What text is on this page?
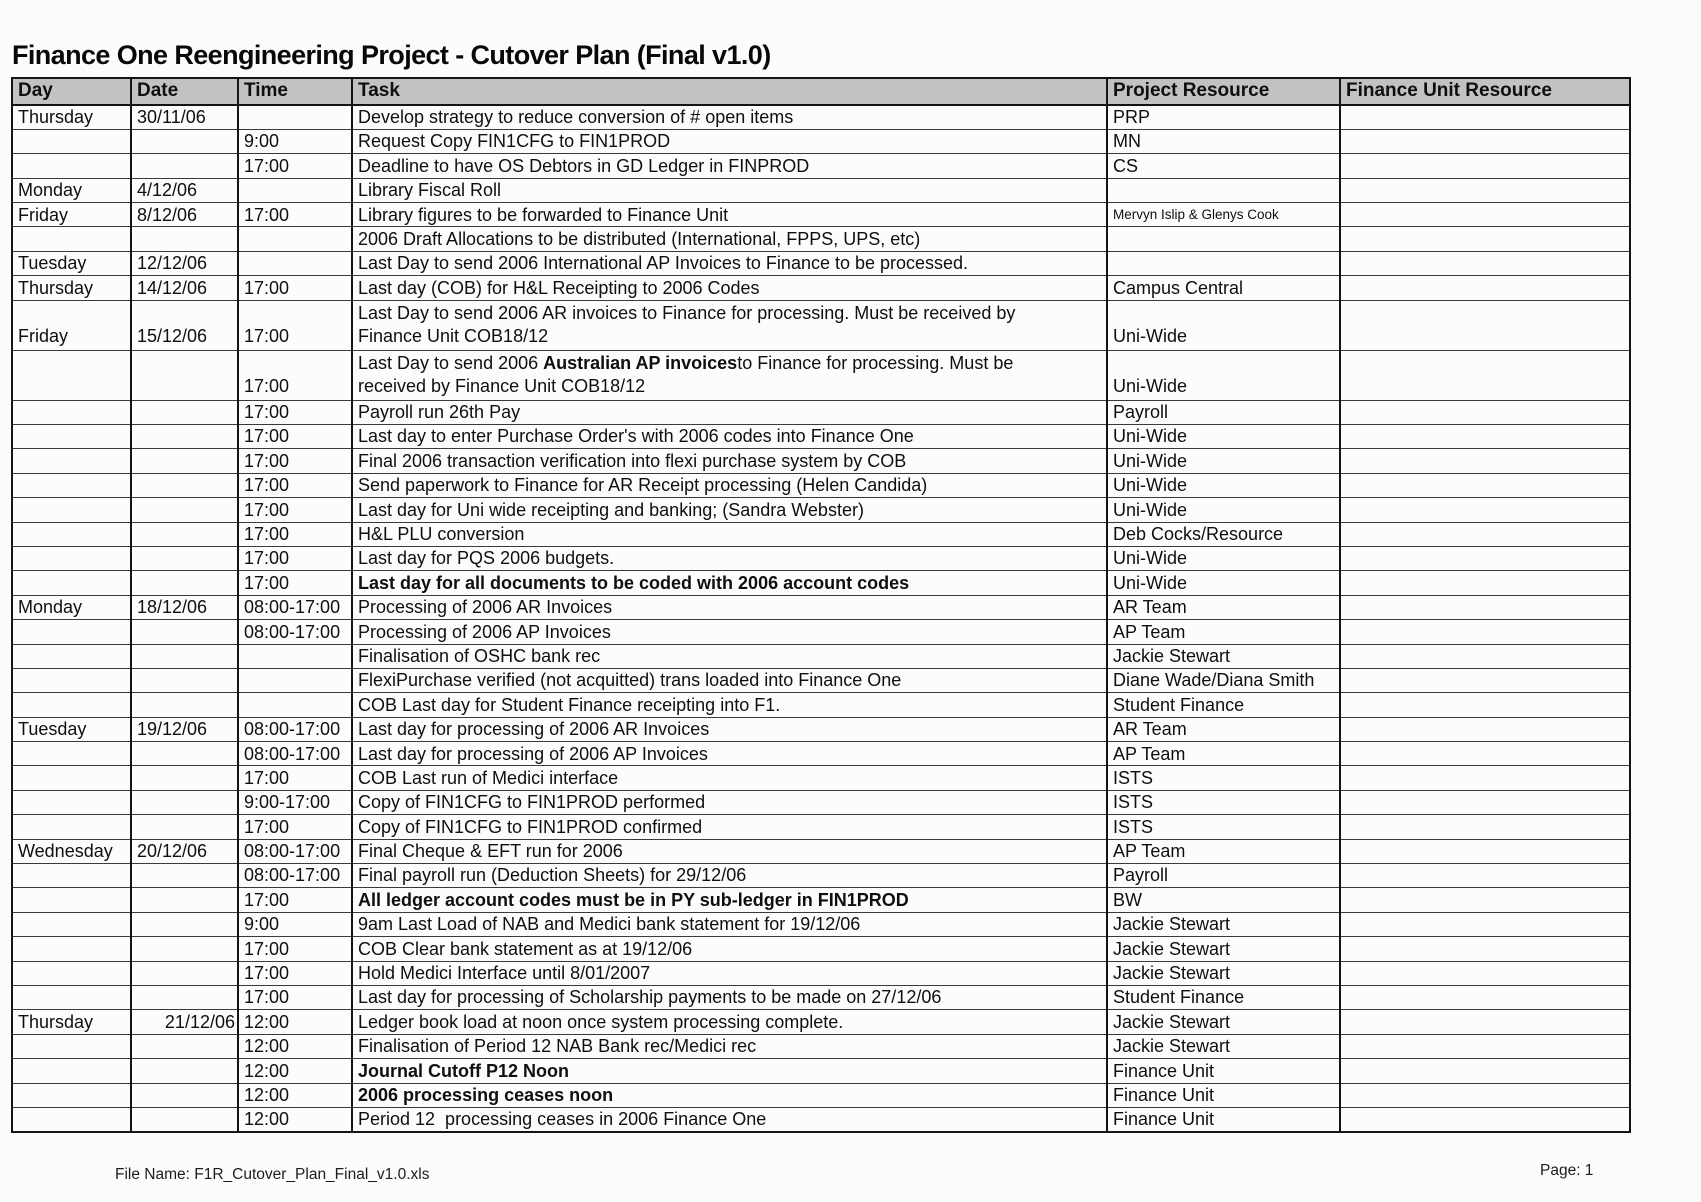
Finance One Reengineering Project - Cutover Plan (Final v1.0)
Day	Date	Time	Task	Project Resource	Finance Unit Resource
Thursday	30/11/06		Develop strategy to reduce conversion of # open items	PRP	
		9:00	Request Copy FIN1CFG to FIN1PROD	MN	
		17:00	Deadline to have OS Debtors in GD Ledger in FINPROD	CS	
Monday	4/12/06		Library Fiscal Roll		
Friday	8/12/06	17:00	Library figures to be forwarded to Finance Unit	Mervyn Islip & Glenys Cook	
			2006 Draft Allocations to be distributed (International, FPPS, UPS, etc)		
Tuesday	12/12/06		Last Day to send 2006 International AP Invoices to Finance to be processed.		
Thursday	14/12/06	17:00	Last day (COB) for H&L Receipting to 2006 Codes	Campus Central	
Friday	15/12/06	17:00	Last Day to send 2006 AR invoices to Finance for processing. Must be received by
Finance Unit COB18/12	Uni-Wide	
		17:00	Last Day to send 2006 Australian AP invoicesto Finance for processing. Must be
received by Finance Unit COB18/12	Uni-Wide	
		17:00	Payroll run 26th Pay	Payroll	
		17:00	Last day to enter Purchase Order's with 2006 codes into Finance One	Uni-Wide	
		17:00	Final 2006 transaction verification into flexi purchase system by COB	Uni-Wide	
		17:00	Send paperwork to Finance for AR Receipt processing (Helen Candida)	Uni-Wide	
		17:00	Last day for Uni wide receipting and banking; (Sandra Webster)	Uni-Wide	
		17:00	H&L PLU conversion	Deb Cocks/Resource	
		17:00	Last day for PQS 2006 budgets.	Uni-Wide	
		17:00	Last day for all documents to be coded with 2006 account codes	Uni-Wide	
Monday	18/12/06	08:00-17:00	Processing of 2006 AR Invoices	AR Team	
		08:00-17:00	Processing of 2006 AP Invoices	AP Team	
			Finalisation of OSHC bank rec	Jackie Stewart	
			FlexiPurchase verified (not acquitted) trans loaded into Finance One	Diane Wade/Diana Smith	
			COB Last day for Student Finance receipting into F1.	Student Finance	
Tuesday	19/12/06	08:00-17:00	Last day for processing of 2006 AR Invoices	AR Team	
		08:00-17:00	Last day for processing of 2006 AP Invoices	AP Team	
		17:00	COB Last run of Medici interface	ISTS	
		9:00-17:00	Copy of FIN1CFG to FIN1PROD performed	ISTS	
		17:00	Copy of FIN1CFG to FIN1PROD confirmed	ISTS	
Wednesday	20/12/06	08:00-17:00	Final Cheque & EFT run for 2006	AP Team	
		08:00-17:00	Final payroll run (Deduction Sheets) for 29/12/06	Payroll	
		17:00	All ledger account codes must be in PY sub-ledger in FIN1PROD	BW	
		9:00	9am Last Load of NAB and Medici bank statement for 19/12/06	Jackie Stewart	
		17:00	COB Clear bank statement as at 19/12/06	Jackie Stewart	
		17:00	Hold Medici Interface until 8/01/2007	Jackie Stewart	
		17:00	Last day for processing of Scholarship payments to be made on 27/12/06	Student Finance	
Thursday	21/12/06	12:00	Ledger book load at noon once system processing complete.	Jackie Stewart	
		12:00	Finalisation of Period 12 NAB Bank rec/Medici rec	Jackie Stewart	
		12:00	Journal Cutoff P12 Noon	Finance Unit	
		12:00	2006 processing ceases noon	Finance Unit	
		12:00	Period 12  processing ceases in 2006 Finance One	Finance Unit	
File Name: F1R_Cutover_Plan_Final_v1.0.xls	Page: 1
